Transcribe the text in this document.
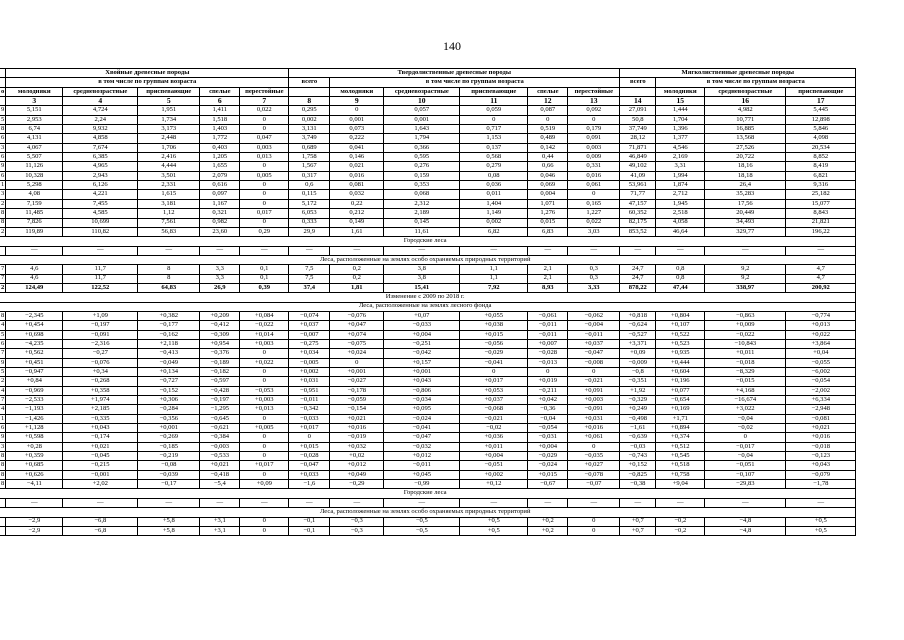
140
		Хвойные древесные породы					Твердолиственные древесные породы						Мягколиственные древесные породы			
		в том числе по группам возраста					всего	в том числе по группам возраста					всего	в том числе по группам возраста		
	о	молодняки	средневозрастные	приспевающие	спелые	перестойные		молодняки	средневозрастные	приспевающие	спелые	перестойные		молодняки	средневозрастные	приспевающие
		3	4	5	6	7	8	9	10	11	12	13	14	15	16	17
	9	5,151	4,724	1,951	1,411	0,022	0,295	0	0,057	0,059	0,087	0,092	27,091	1,444	4,982	5,445
	5	2,953	2,24	1,734	1,518	0	0,002	0,001	0,001	0	0	0	50,8	1,704	10,771	12,898
	8	6,74	9,932	3,173	1,403	0	3,131	0,073	1,643	0,717	0,519	0,179	37,749	1,396	16,885	5,846
	6	4,131	4,858	2,448	1,772	0,047	3,749	0,222	1,794	1,153	0,489	0,091	28,12	1,377	13,568	4,098
	3	4,067	7,674	1,706	0,403	0,003	0,689	0,041	0,366	0,137	0,142	0,003	71,871	4,546	27,526	20,534
	6	5,507	6,385	2,416	1,205	0,013	1,758	0,146	0,595	0,568	0,44	0,009	46,849	2,169	20,722	8,852
	9	11,126	4,965	4,444	1,655	0	1,567	0,021	0,276	0,279	0,66	0,331	49,102	3,31	18,16	8,419
	6	10,328	2,943	3,501	2,079	0,005	0,317	0,016	0,159	0,08	0,046	0,016	41,09	1,994	18,18	6,821
	1	5,298	6,126	2,331	0,616	0	0,6	0,081	0,353	0,036	0,069	0,061	53,961	1,874	26,4	9,316
	3	4,08	4,221	1,615	0,097	0	0,115	0,032	0,068	0,011	0,004	0	71,77	2,712	35,283	25,182
	2	7,159	7,455	3,181	1,167	0	5,172	0,22	2,312	1,404	1,071	0,165	47,157	1,945	17,56	15,077
	8	11,485	4,585	1,12	0,321	0,017	6,053	0,212	2,189	1,149	1,276	1,227	60,352	2,518	20,449	8,843
	8	7,826	10,699	7,561	0,982	0	0,333	0,149	0,145	0,002	0,015	0,022	82,175	4,058	34,493	21,821
	2	119,89	110,82	56,83	23,60	0,29	29,9	1,61	11,61	6,82	6,83	3,03	853,52	46,64	329,77	196,22
Городские леса																
		—	—	—	—	—	—	—	—	—	—	—	—	—	—	—
Леса, расположенные на землях особо охраняемых природных территорий																
	7	4,6	11,7	8	3,3	0,1	7,5	0,2	3,8	1,1	2,1	0,3	24,7	0,8	9,2	4,7
	7	4,6	11,7	8	3,3	0,1	7,5	0,2	3,8	1,1	2,1	0,3	24,7	0,8	9,2	4,7
	2	124,49	122,52	64,83	26,9	0,39	37,4	1,81	15,41	7,92	8,93	3,33	878,22	47,44	338,97	200,92
Изменение с 2009 по 2018 г.																
Леса, расположенные на землях лесного фонда																
	8	−2,345	+1,09	+0,382	+0,209	+0,084	−0,074	−0,076	+0,07	+0,055	−0,061	−0,062	+0,818	+0,804	−0,863	−0,774
	4	+0,454	−0,197	−0,177	−0,412	−0,022	+0,037	+0,047	−0,033	+0,038	−0,011	−0,004	−0,624	+0,107	+0,009	+0,013
	5	+0,698	−0,091	−0,162	−0,309	+0,014	−0,007	+0,074	+0,004	+0,015	−0,011	−0,011	−0,527	+0,522	−0,022	+0,022
	6	−4,235	−2,316	+2,118	+0,954	+0,003	−0,275	−0,075	−0,251	−0,056	+0,007	+0,037	+3,371	+0,523	−10,843	+3,864
	7	+0,562	−0,27	−0,413	−0,376	0	+0,034	+0,024	−0,042	−0,029	−0,028	−0,047	+0,09	+0,935	+0,011	+0,04
	9	+0,451	−0,076	−0,049	−0,189	+0,022	−0,005	0	+0,157	−0,041	−0,013	−0,008	−0,009	+0,444	−0,018	−0,055
	5	−0,947	+0,34	+0,134	−0,182	0	+0,002	+0,001	+0,001	0	0	0	−0,8	+0,604	−8,329	−6,002
	2	+0,84	−0,268	−0,727	−0,597	0	+0,031	−0,027	+0,043	+0,017	+0,019	−0,021	−0,351	+0,196	−0,015	−0,054
	4	−0,969	+0,358	−0,152	−0,428	−0,053	−0,951	−0,178	−0,806	+0,053	−0,211	+0,091	+1,92	+0,077	+4,168	−2,002
	7	−2,533	+1,974	+0,306	−0,197	+0,003	−0,011	−0,059	−0,034	+0,037	+0,042	+0,003	−0,329	−0,654	−16,674	+6,334
	4	−1,193	+2,185	−0,284	−1,295	+0,013	−0,342	−0,154	+0,095	−0,068	−0,36	−0,091	+0,249	+0,169	+3,022	−2,948
	1	−1,426	−0,335	−0,356	−0,645	0	−0,033	+0,021	−0,024	−0,021	−0,04	+0,031	−0,498	+1,71	−0,04	−0,081
	6	+1,128	+0,043	+0,001	−0,621	+0,005	+0,017	+0,016	−0,041	−0,02	−0,054	+0,016	−1,61	+0,894	−0,02	+0,021
	9	+0,598	−0,174	−0,269	−0,384	0	0	−0,019	−0,047	+0,036	−0,031	+0,061	−0,639	+0,374	0	+0,016
	3	+0,28	+0,021	−0,185	−0,003	0	+0,015	+0,032	−0,032	+0,011	+0,004	0	−0,03	+0,512	−0,017	−0,018
	8	+0,359	−0,045	−0,219	−0,533	0	−0,028	+0,02	+0,012	+0,004	−0,029	−0,035	−0,743	+0,545	−0,04	−0,123
	8	+0,685	−0,215	−0,08	+0,021	+0,017	−0,047	+0,012	−0,011	−0,051	−0,024	+0,027	+0,152	+0,518	−0,051	+0,043
	8	+0,626	−0,001	−0,039	−0,418	0	+0,033	+0,049	+0,045	+0,002	+0,015	−0,078	−0,825	+0,758	−0,107	−0,079
	8	−4,11	+2,02	−0,17	−5,4	+0,09	−1,6	−0,29	−0,99	+0,12	−0,67	−0,07	−0,38	+9,04	−29,83	−1,78
Городские леса																
		—	—	—	—	—	—	—	—	—	—	—	—	—	—	—
Леса, расположенные на землях особо охраняемых природных территорий																
		−2,9	−6,8	+5,8	+3,1	0	−0,1	−0,3	−0,5	+0,5	+0,2	0	+0,7	−0,2	−4,8	+0,5
		−2,9	−6,8	+5,8	+3,1	0	−0,1	−0,3	−0,5	+0,5	+0,2	0	+0,7	−0,2	−4,8	+0,5
